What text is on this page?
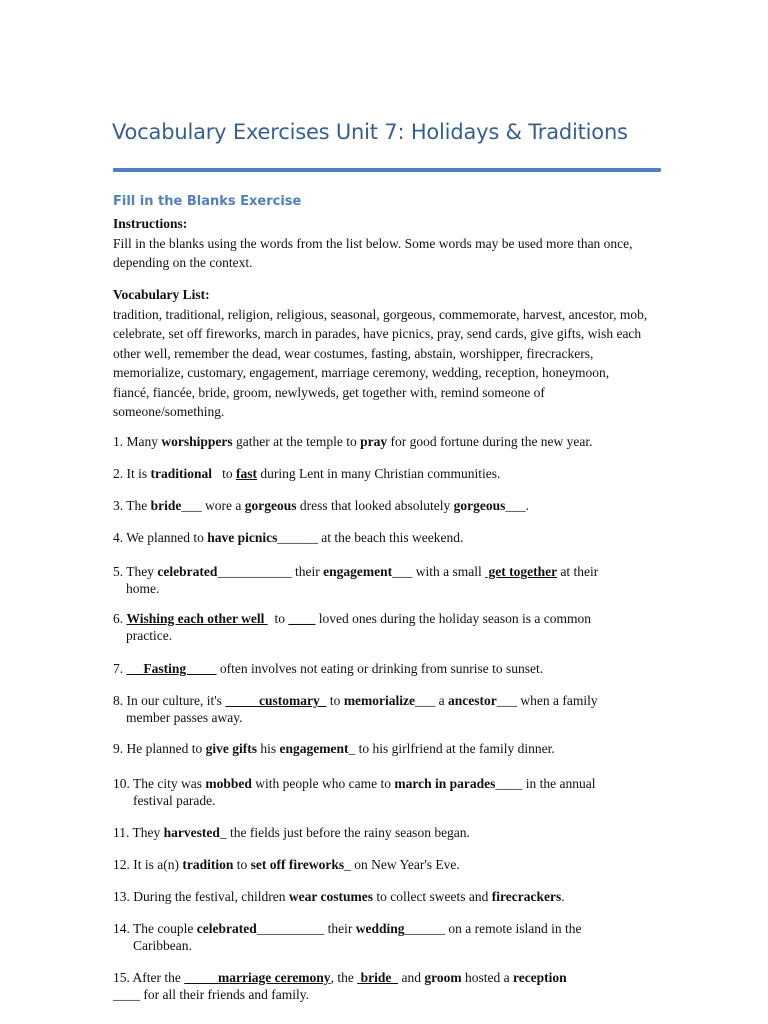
Vocabulary Exercises Unit 7: Holidays & Traditions
Fill in the Blanks Exercise
Instructions:
Fill in the blanks using the words from the list below. Some words may be used more than once, depending on the context.
Vocabulary List:
tradition, traditional, religion, religious, seasonal, gorgeous, commemorate, harvest, ancestor, mob, celebrate, set off fireworks, march in parades, have picnics, pray, send cards, give gifts, wish each other well, remember the dead, wear costumes, fasting, abstain, worshipper, firecrackers, memorialize, customary, engagement, marriage ceremony, wedding, reception, honeymoon, fiancé, fiancée, bride, groom, newlyweds, get together with, remind someone of someone/something.
1. Many worshippers gather at the temple to pray for good fortune during the new year.
2. It is traditional   to fast during Lent in many Christian communities.
3. The bride___ wore a gorgeous dress that looked absolutely gorgeous___.
4. We planned to have picnics______ at the beach this weekend.
5. They celebrated___________ their engagement___ with a small  get together at their
home.
6. Wishing each other well   to ____ loved ones during the holiday season is a common
practice.
7.      Fasting          often involves not eating or drinking from sunrise to sunset.
8. In our culture, it's           customary   to memorialize___ a ancestor___ when a family
member passes away.
9. He planned to give gifts his engagement_ to his girlfriend at the family dinner.
10. The city was mobbed with people who came to march in parades____ in the annual
festival parade.
11. They harvested_ the fields just before the rainy season began.
12. It is a(n) tradition to set off fireworks_ on New Year's Eve.
13. During the festival, children wear costumes to collect sweets and firecrackers.
14. The couple celebrated__________ their wedding______ on a remote island in the
Caribbean.
15. After the           marriage ceremony, the  bride   and groom hosted a reception
____ for all their friends and family.
